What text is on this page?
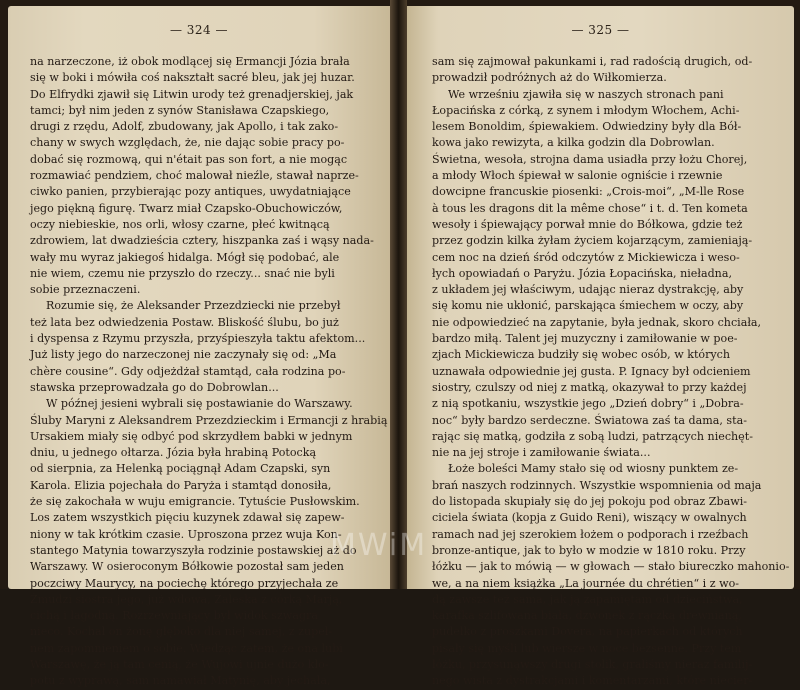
— 324 —
na narzeczone, iż obok modlącej się Ermancji Józia brała
się w boki i mówiła coś nakształt sacré bleu, jak jej huzar.
Do Elfrydki zjawił się Litwin urody też grenadjerskiej, jak
tamci; był nim jeden z synów Stanisława Czapskiego,
drugi z rzędu, Adolf, zbudowany, jak Apollo, i tak zako-
chany w swych względach, że, nie dając sobie pracy po-
dobać się rozmową, qui n'était pas son fort, a nie mogąc
rozmawiać pendziem, choć malował nieźle, stawał naprze-
ciwko panien, przybierając pozy antiques, uwydatniające
jego piękną figurę. Twarz miał Czapsko-Obuchowiczów,
oczy niebieskie, nos orli, włosy czarne, płeć kwitnącą
zdrowiem, lat dwadzieścia cztery, hiszpanka zaś i wąsy nada-
wały mu wyraz jakiegoś hidalga. Mógł się podobać, ale
nie wiem, czemu nie przyszło do rzeczy... snać nie byli
sobie przeznaczeni.
Rozumie się, że Aleksander Przezdziecki nie przebył
też lata bez odwiedzenia Postaw. Bliskość ślubu, bo już
i dyspensa z Rzymu przyszła, przyśpieszyła taktu afektom...
Już listy jego do narzeczonej nie zaczynały się od: „Ma
chère cousine“. Gdy odjeżdżał stamtąd, cała rodzina po-
stawska przeprowadzała go do Dobrowlan...
W późnej jesieni wybrali się postawianie do Warszawy.
Śluby Maryni z Aleksandrem Przezdzieckim i Ermancji z hrabią
Ursakiem miały się odbyć pod skrzydłem babki w jednym
dniu, u jednego ołtarza. Józia była hrabiną Potocką
od sierpnia, za Helenką pociągnął Adam Czapski, syn
Karola. Elizia pojechała do Paryża i stamtąd donosiła,
że się zakochała w wuju emigrancie. Tytuście Pusłowskim.
Los zatem wszystkich pięciu kuzynek zdawał się zapew-
niony w tak krótkim czasie. Uproszona przez wuja Kon-
stantego Matynia towarzyszyła rodzinie postawskiej aż do
Warszawy. W osieroconym Bółkowie pozostał sam jeden
poczciwy Maurycy, na pociechę którego przyjechała ze
Żmudzi siostra jego, już wdowa, Zaleska z córką Marją,
cichą i łagodną. Rozrzewniający był widok szwagra
nieco. Kochał on żonę głęboko dla niej samej, z zupeł-
nem zapomnieniem o sobie. Wiedząc zatem, że ona lubi
Warszawę, że ją tam cenią, że Wujowi ujnie dużo kło-
potu z wyprawą, sam namawiał Matynię, aby jechała,
— 325 —
sam się zajmował pakunkami i, rad radością drugich, od-
prowadził podróżnych aż do Wiłkomierza.
We wrześniu zjawiła się w naszych stronach pani
Łopacińska z córką, z synem i młodym Włochem, Achi-
lesem Bonoldim, śpiewakiem. Odwiedziny były dla Bół-
kowa jako rewizyta, a kilka godzin dla Dobrowlan.
Świetna, wesoła, strojna dama usiadła przy łożu Chorej,
a młody Włoch śpiewał w salonie ogniście i rzewnie
dowcipne francuskie piosenki: „Crois-moi“, „M-lle Rose
à tous les dragons dit la même chose“ i t. d. Ten kometa
wesoły i śpiewający porwał mnie do Bółkowa, gdzie też
przez godzin kilka żyłam życiem kojarzącym, zamieniają-
cem noc na dzień śród odczytów z Mickiewicza i weso-
łych opowiadań o Paryżu. Józia Łopacińska, nieładna,
z układem jej właściwym, udając nieraz dystrakcję, aby
się komu nie ukłonić, parskająca śmiechem w oczy, aby
nie odpowiedzieć na zapytanie, była jednak, skoro chciała,
bardzo miłą. Talent jej muzyczny i zamiłowanie w poe-
zjach Mickiewicza budziły się wobec osób, w których
uznawała odpowiednie jej gusta. P. Ignacy był odcieniem
siostry, czulszy od niej z matką, okazywał to przy każdej
z nią spotkaniu, wszystkie jego „Dzień dobry“ i „Dobra-
noc“ były bardzo serdeczne. Światowa zaś ta dama, sta-
rając się matką, godziła z sobą ludzi, patrzących niechęt-
nie na jej stroje i zamiłowanie świata...
Łoże boleści Mamy stało się od wiosny punktem ze-
brań naszych rodzinnych. Wszystkie wspomnienia od maja
do listopada skupiały się do jej pokoju pod obraz Zbawi-
ciciela świata (kopja z Guido Reni), wiszący w owalnych
ramach nad jej szerokiem łożem o podporach i rzeźbach
bronze-antique, jak to było w modzie w 1810 roku. Przy
łóżku — jak to mówią — w głowach — stało biureczko mahonio-
we, a na niem książka „La journée du chrétien“ i z wo-
dą zawsze też sama, jak ją zapamiętam od dzieciństwa,
karafka szlifowana biała, dzwonek z rączką drewnianą,
pudełko z proszkami Dovera, na papierkach od których
pisały się myśli lub wiersze w noce bezsenne. Przy tem
łóżku, przysunąwszy drugi stolik, grałiśmy nieraz familij-
nego wista z dystrakcjami i komentarzami, które niecier-
MWiM
